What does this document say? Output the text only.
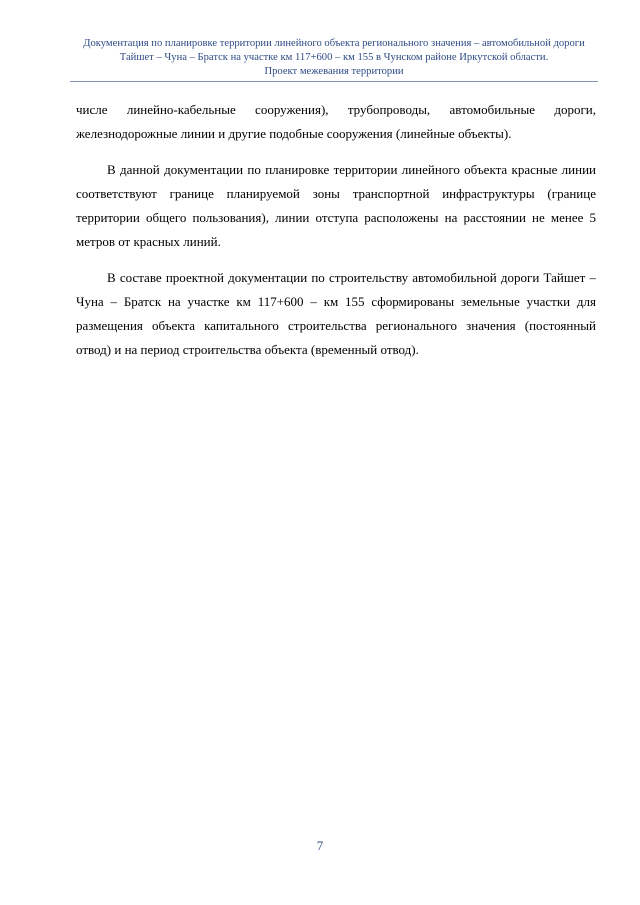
Документация по планировке территории линейного объекта регионального значения – автомобильной дороги
Тайшет – Чуна – Братск на участке км 117+600 – км 155 в Чунском районе Иркутской области.
Проект межевания территории

числе линейно-кабельные сооружения), трубопроводы, автомобильные дороги, железнодорожные линии и другие подобные сооружения (линейные объекты).

В данной документации по планировке территории линейного объекта красные линии соответствуют границе планируемой зоны транспортной инфраструктуры (границе территории общего пользования), линии отступа расположены на расстоянии не менее 5 метров от красных линий.

В составе проектной документации по строительству автомобильной дороги Тайшет – Чуна – Братск на участке км 117+600 – км 155 сформированы земельные участки для размещения объекта капитального строительства регионального значения (постоянный отвод) и на период строительства объекта (временный отвод).

7
